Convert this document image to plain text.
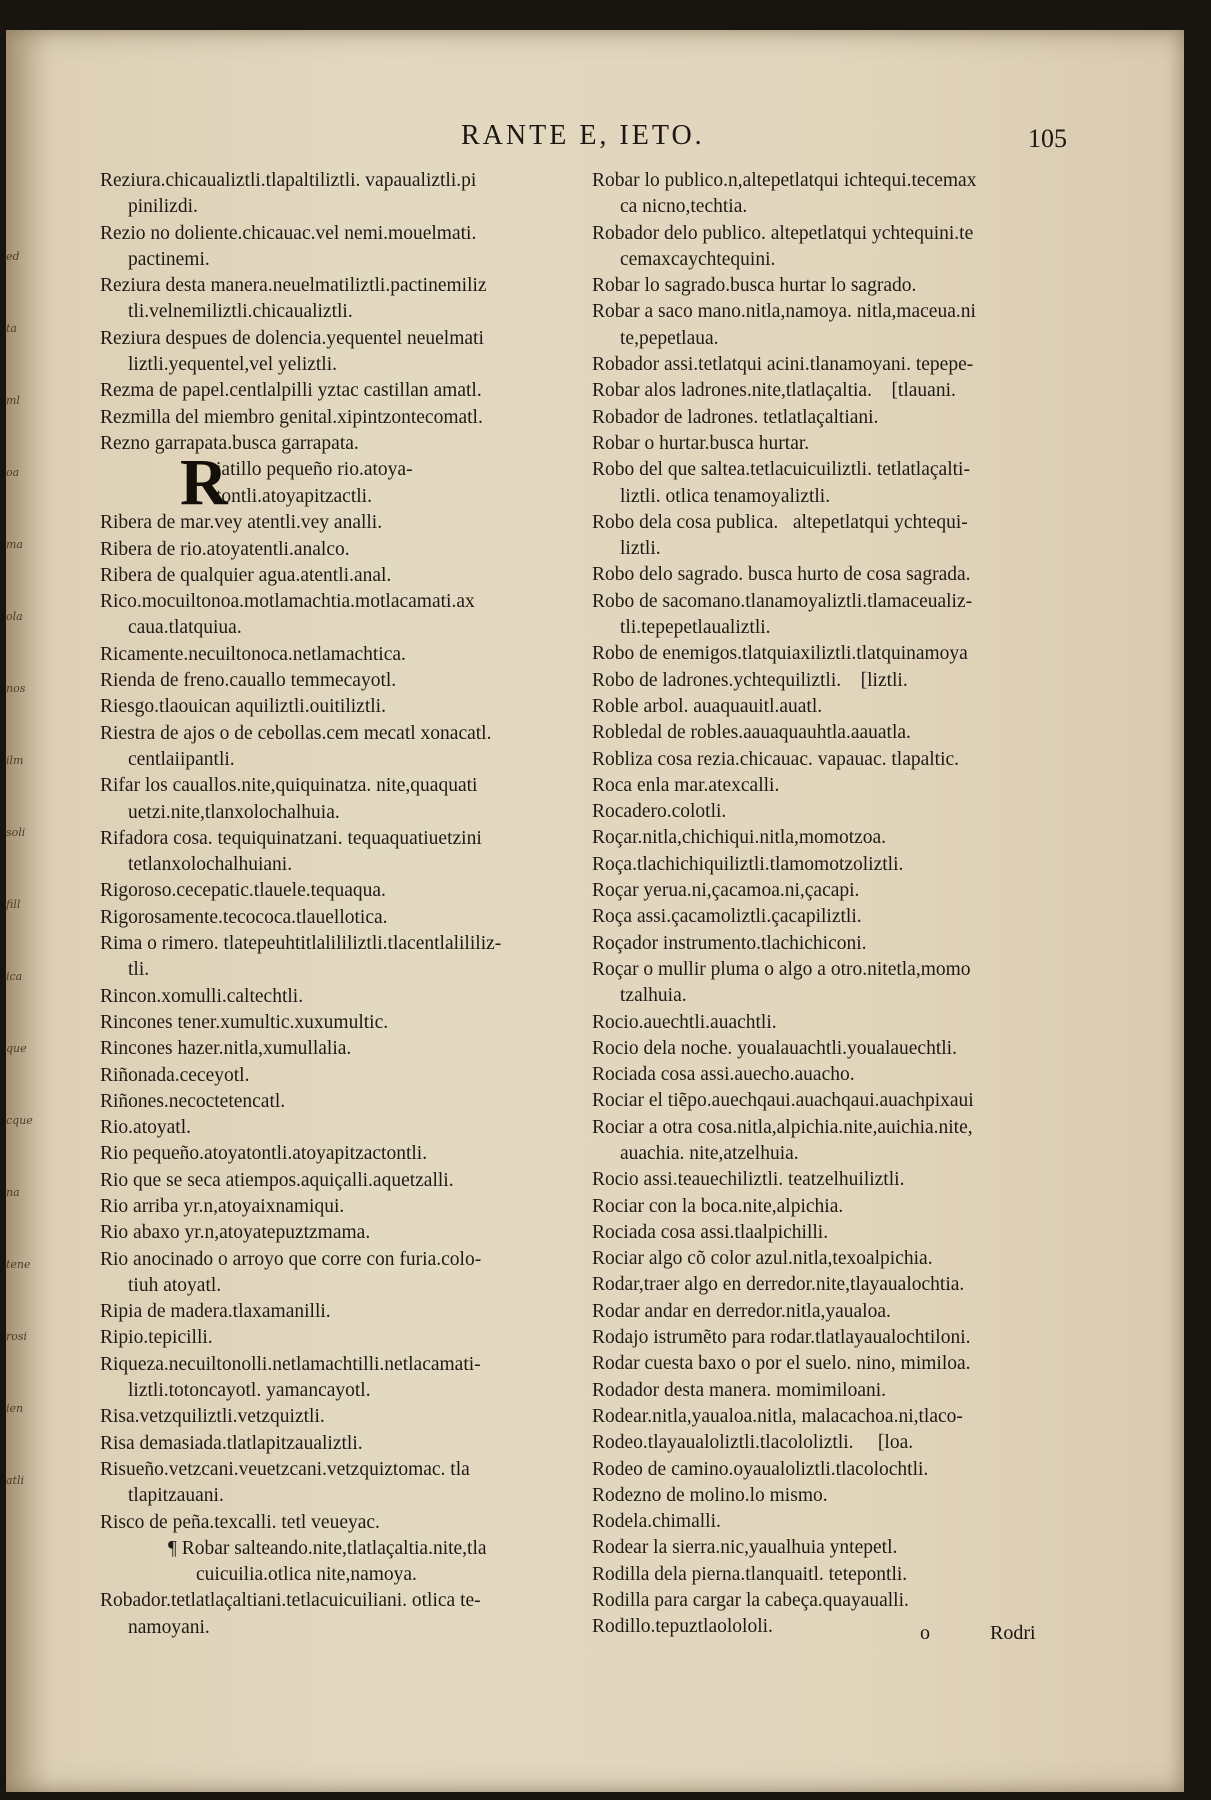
RANTE E, IETO.	105
ed
ta
ml
oa
ma
ola
nos
ilm
soli
fill
ica
que
cque
na
tene
rosi
ien
atli
Reziura.chicaualiztli.tlapaltiliztli. vapaualiztli.pi
pinilizdi.
Rezio no doliente.chicauac.vel nemi.mouelmati.
pactinemi.
Reziura desta manera.neuelmatiliztli.pactinemiliz
tli.velnemiliztli.chicaualiztli.
Reziura despues de dolencia.yequentel neuelmati
liztli.yequentel,vel yeliztli.
Rezma de papel.centlalpilli yztac castillan amatl.
Rezmilla del miembro genital.xipintzontecomatl.
Rezno garrapata.busca garrapata.
R
iatillo pequeño rio.atoya-
tontli.atoyapitzactli.
Ribera de mar.vey atentli.vey analli.
Ribera de rio.atoyatentli.analco.
Ribera de qualquier agua.atentli.anal.
Rico.mocuiltonoa.motlamachtia.motlacamati.ax
caua.tlatquiua.
Ricamente.necuiltonoca.netlamachtica.
Rienda de freno.cauallo temmecayotl.
Riesgo.tlaouican aquiliztli.ouitiliztli.
Riestra de ajos o de cebollas.cem mecatl xonacatl.
centlaiipantli.
Rifar los cauallos.nite,quiquinatza. nite,quaquati
uetzi.nite,tlanxolochalhuia.
Rifadora cosa. tequiquinatzani. tequaquatiuetzini
tetlanxolochalhuiani.
Rigoroso.cecepatic.tlauele.tequaqua.
Rigorosamente.tecococa.tlauellotica.
Rima o rimero. tlatepeuhtitlalililiztli.tlacentlalililiz-
tli.
Rincon.xomulli.caltechtli.
Rincones tener.xumultic.xuxumultic.
Rincones hazer.nitla,xumullalia.
Riñonada.ceceyotl.
Riñones.necoctetencatl.
Rio.atoyatl.
Rio pequeño.atoyatontli.atoyapitzactontli.
Rio que se seca atiempos.aquiçalli.aquetzalli.
Rio arriba yr.n,atoyaixnamiqui.
Rio abaxo yr.n,atoyatepuztzmama.
Rio anocinado o arroyo que corre con furia.colo-
tiuh atoyatl.
Ripia de madera.tlaxamanilli.
Ripio.tepicilli.
Riqueza.necuiltonolli.netlamachtilli.netlacamati-
liztli.totoncayotl. yamancayotl.
Risa.vetzquiliztli.vetzquiztli.
Risa demasiada.tlatlapitzaualiztli.
Risueño.vetzcani.veuetzcani.vetzquiztomac. tla
tlapitzauani.
Risco de peña.texcalli. tetl veueyac.
¶ Robar salteando.nite,tlatlaçaltia.nite,tla
cuicuilia.otlica nite,namoya.
Robador.tetlatlaçaltiani.tetlacuicuiliani. otlica te-
namoyani.
Robar lo publico.n,altepetlatqui ichtequi.tecemax
ca nicno,techtia.
Robador delo publico. altepetlatqui ychtequini.te
cemaxcaychtequini.
Robar lo sagrado.busca hurtar lo sagrado.
Robar a saco mano.nitla,namoya. nitla,maceua.ni
te,pepetlaua.
Robador assi.tetlatqui acini.tlanamoyani. tepepe-
Robar alos ladrones.nite,tlatlaçaltia.    [tlauani.
Robador de ladrones. tetlatlaçaltiani.
Robar o hurtar.busca hurtar.
Robo del que saltea.tetlacuicuiliztli. tetlatlaçalti-
liztli. otlica tenamoyaliztli.
Robo dela cosa publica.   altepetlatqui ychtequi-
liztli.
Robo delo sagrado. busca hurto de cosa sagrada.
Robo de sacomano.tlanamoyaliztli.tlamaceualiz-
tli.tepepetlaualiztli.
Robo de enemigos.tlatquiaxiliztli.tlatquinamoya
Robo de ladrones.ychtequiliztli.    [liztli.
Roble arbol. auaquauitl.auatl.
Robledal de robles.aauaquauhtla.aauatla.
Robliza cosa rezia.chicauac. vapauac. tlapaltic.
Roca enla mar.atexcalli.
Rocadero.colotli.
Roçar.nitla,chichiqui.nitla,momotzoa.
Roça.tlachichiquiliztli.tlamomotzoliztli.
Roçar yerua.ni,çacamoa.ni,çacapi.
Roça assi.çacamoliztli.çacapiliztli.
Roçador instrumento.tlachichiconi.
Roçar o mullir pluma o algo a otro.nitetla,momo
tzalhuia.
Rocio.auechtli.auachtli.
Rocio dela noche. youalauachtli.youalauechtli.
Rociada cosa assi.auecho.auacho.
Rociar el tiẽpo.auechqaui.auachqaui.auachpixaui
Rociar a otra cosa.nitla,alpichia.nite,auichia.nite,
auachia. nite,atzelhuia.
Rocio assi.teauechiliztli. teatzelhuiliztli.
Rociar con la boca.nite,alpichia.
Rociada cosa assi.tlaalpichilli.
Rociar algo cõ color azul.nitla,texoalpichia.
Rodar,traer algo en derredor.nite,tlayaualochtia.
Rodar andar en derredor.nitla,yaualoa.
Rodajo istrumẽto para rodar.tlatlayaualochtiloni.
Rodar cuesta baxo o por el suelo. nino, mimiloa.
Rodador desta manera. momimiloani.
Rodear.nitla,yaualoa.nitla, malacachoa.ni,tlaco-
Rodeo.tlayaualoliztli.tlacololiztli.     [loa.
Rodeo de camino.oyaualoliztli.tlacolochtli.
Rodezno de molino.lo mismo.
Rodela.chimalli.
Rodear la sierra.nic,yaualhuia yntepetl.
Rodilla dela pierna.tlanquaitl. tetepontli.
Rodilla para cargar la cabeça.quayaualli.
Rodillo.tepuztlaolololi.	o	Rodri
